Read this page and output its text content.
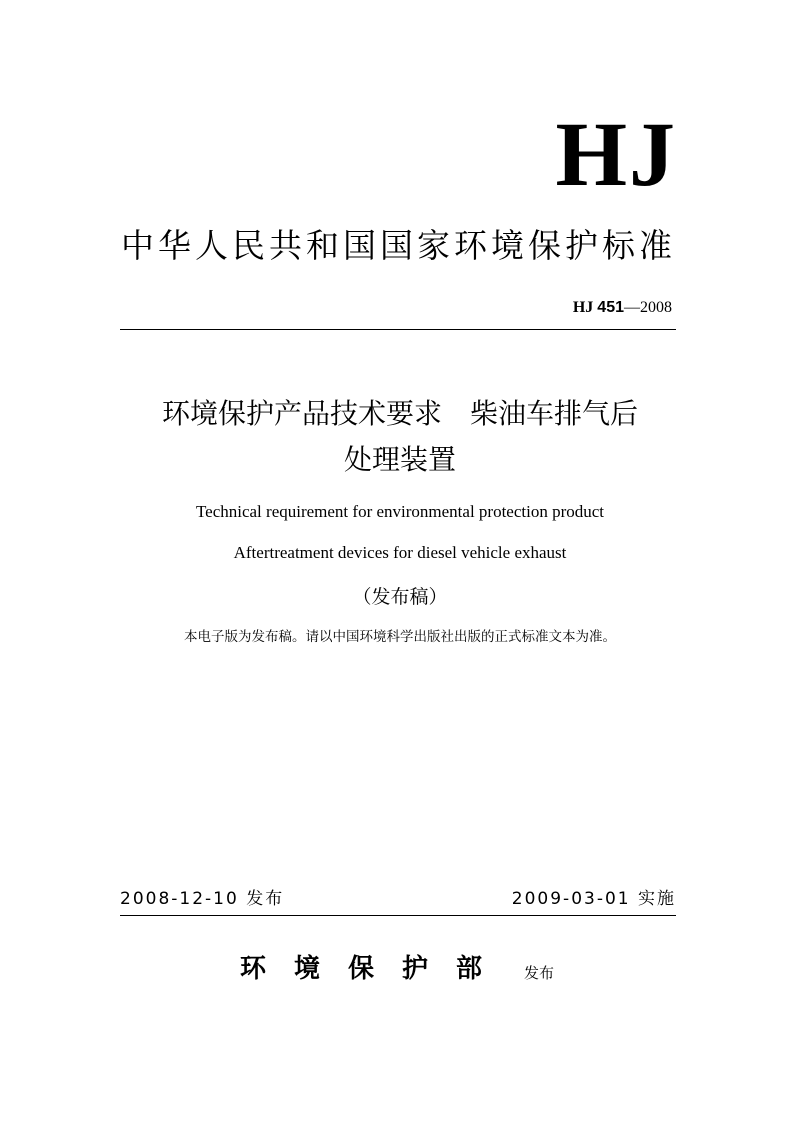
HJ
中华人民共和国国家环境保护标准
HJ 451—2008
环境保护产品技术要求　柴油车排气后
处理装置
Technical requirement for environmental protection product
Aftertreatment devices for diesel vehicle exhaust
（发布稿）
本电子版为发布稿。请以中国环境科学出版社出版的正式标准文本为准。
2008-12-10 发布	2009-03-01 实施
环境保护部 发布
